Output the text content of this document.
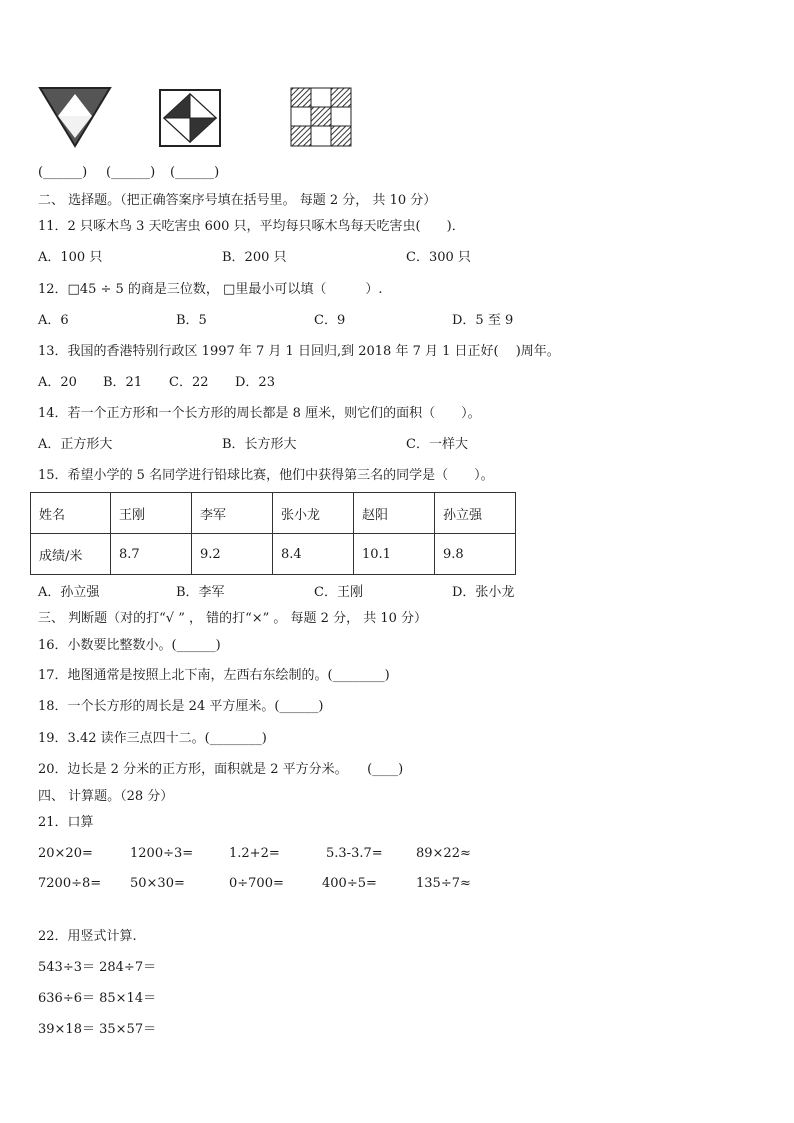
(______) (______) (______)
二、 选择题。（把正确答案序号填在括号里。 每题 2 分， 共 10 分）
11．2 只啄木鸟 3 天吃害虫 600 只，平均每只啄木鸟每天吃害虫(　　)．
A．100 只	B．200 只	C．300 只
12．□45 ÷ 5 的商是三位数， □里最小可以填（　　　）.
A．6	B．5	C．9	D．5 至 9
13．我国的香港特别行政区 1997 年 7 月 1 日回归,到 2018 年 7 月 1 日正好(　 )周年。
A．20 B．21 C．22 D．23
14．若一个正方形和一个长方形的周长都是 8 厘米，则它们的面积（　　）。
A．正方形大	B．长方形大	C．一样大
15．希望小学的 5 名同学进行铅球比赛，他们中获得第三名的同学是（　　）。
姓名	王刚	李军	张小龙	赵阳	孙立强
成绩/米	8.7	9.2	8.4	10.1	9.8
A．孙立强	B．李军	C．王刚	D．张小龙
三、 判断题（对的打“√ ” ， 错的打“×” 。 每题 2 分， 共 10 分）
16．小数要比整数小。(______)
17．地图通常是按照上北下南，左西右东绘制的。(________)
18．一个长方形的周长是 24 平方厘米。(______)
19．3.42 读作三点四十二。(________)
20．边长是 2 分米的正方形，面积就是 2 平方分米。　　(____)
四、 计算题。（28 分）
21．口算
20×20=	1200÷3=	1.2+2=	5.3-3.7=	89×22≈
7200÷8= 50×30=	0÷700=	400÷5=	135÷7≈
22．用竖式计算.
543÷3＝ 284÷7＝
636÷6＝ 85×14＝
39×18＝ 35×57＝
